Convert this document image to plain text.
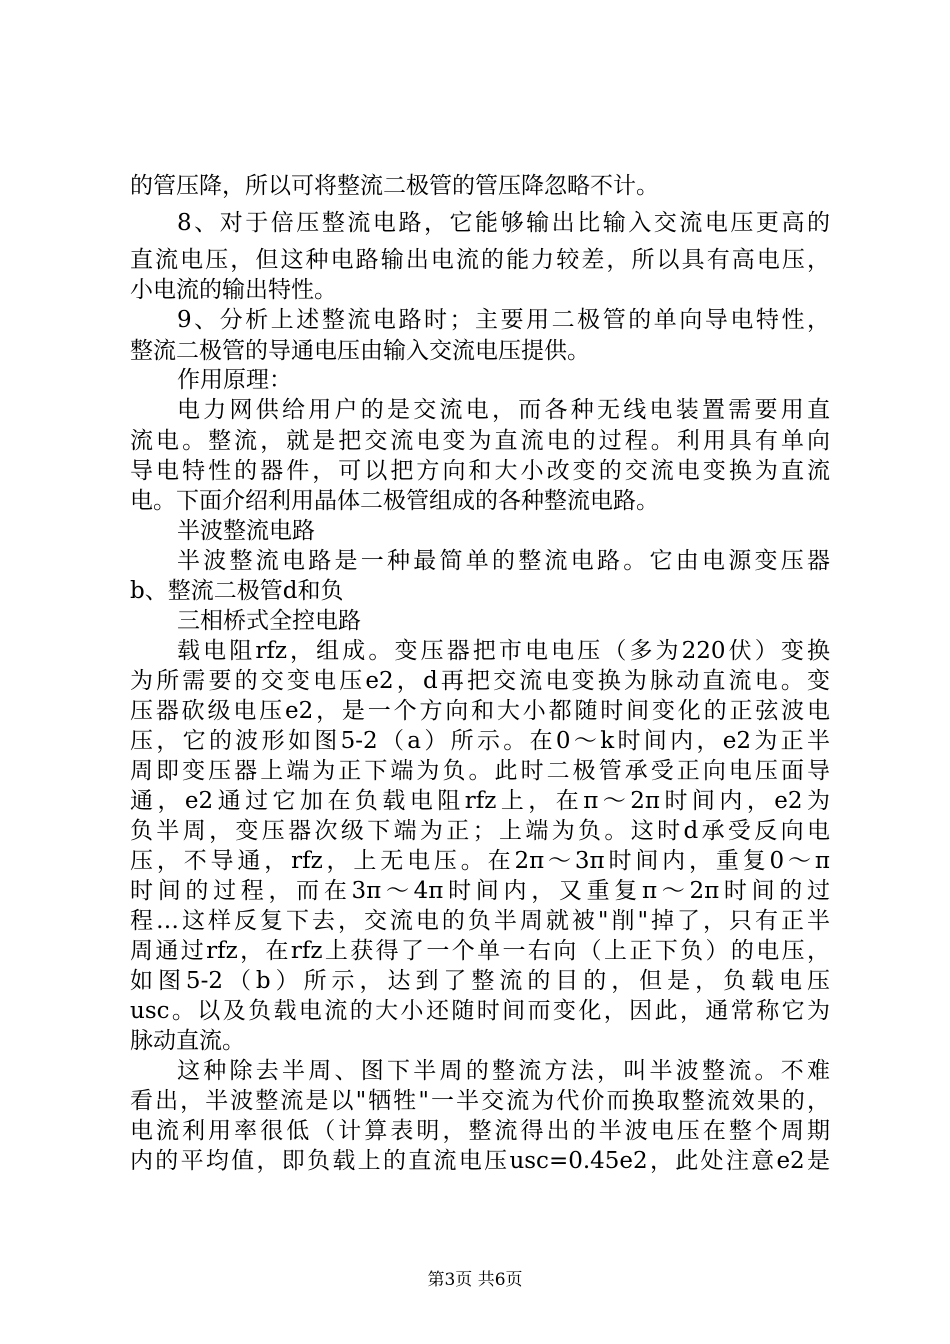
的管压降，所以可将整流二极管的管压降忽略不计。
8、对于倍压整流电路，它能够输出比输入交流电压更高的
直流电压，但这种电路输出电流的能力较差，所以具有高电压，
小电流的输出特性。
9、分析上述整流电路时；主要用二极管的单向导电特性，
整流二极管的导通电压由输入交流电压提供。
作用原理：
电力网供给用户的是交流电，而各种无线电装置需要用直
流电。整流，就是把交流电变为直流电的过程。利用具有单向
导电特性的器件，可以把方向和大小改变的交流电变换为直流
电。下面介绍利用晶体二极管组成的各种整流电路。
半波整流电路
半波整流电路是一种最简单的整流电路。它由电源变压器
b、整流二极管d和负
三相桥式全控电路
载电阻rfz，组成。变压器把市电电压（多为220伏）变换
为所需要的交变电压e2，d再把交流电变换为脉动直流电。变
压器砍级电压e2，是一个方向和大小都随时间变化的正弦波电
压，它的波形如图5-2（a）所示。在0～k时间内，e2为正半
周即变压器上端为正下端为负。此时二极管承受正向电压面导
通，e2通过它加在负载电阻rfz上，在π～2π时间内，e2为
负半周，变压器次级下端为正；上端为负。这时d承受反向电
压，不导通，rfz，上无电压。在2π～3π时间内，重复0～π
时间的过程，而在3π～4π时间内，又重复π～2π时间的过
程…这样反复下去，交流电的负半周就被"削"掉了，只有正半
周通过rfz，在rfz上获得了一个单一右向（上正下负）的电压，
如图5-2（b）所示，达到了整流的目的，但是，负载电压
usc。以及负载电流的大小还随时间而变化，因此，通常称它为
脉动直流。
这种除去半周、图下半周的整流方法，叫半波整流。不难
看出，半波整流是以"牺牲"一半交流为代价而换取整流效果的，
电流利用率很低（计算表明，整流得出的半波电压在整个周期
内的平均值，即负载上的直流电压usc=0.45e2，此处注意e2是
第3页 共6页
